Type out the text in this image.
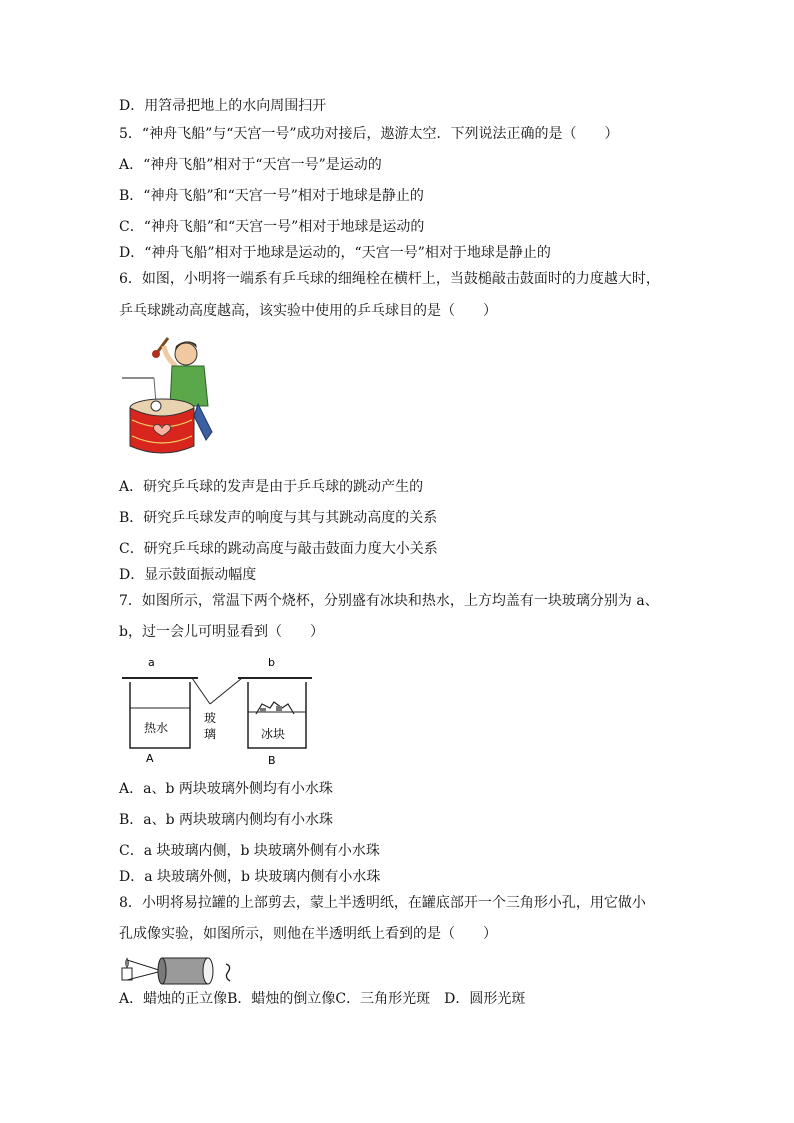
D．用笤帚把地上的水向周围扫开
5．“神舟飞船”与“天宫一号”成功对接后，遨游太空．下列说法正确的是（　　）
A．“神舟飞船”相对于“天宫一号”是运动的
B．“神舟飞船”和“天宫一号”相对于地球是静止的
C．“神舟飞船”和“天宫一号”相对于地球是运动的
D．“神舟飞船”相对于地球是运动的，“天宫一号”相对于地球是静止的
6．如图，小明将一端系有乒乓球的细绳栓在横杆上，当鼓槌敲击鼓面时的力度越大时，
乒乓球跳动高度越高，该实验中使用的乒乓球目的是（　　）
A．研究乒乓球的发声是由于乒乓球的跳动产生的
B．研究乒乓球发声的响度与其与其跳动高度的关系
C．研究乒乓球的跳动高度与敲击鼓面力度大小关系
D．显示鼓面振动幅度
7．如图所示，常温下两个烧杯，分别盛有冰块和热水，上方均盖有一块玻璃分别为 a、
b，过一会儿可明显看到（　　）
a	b
热水	冰块
玻
璃
A	B
A．a、b 两块玻璃外侧均有小水珠
B．a、b 两块玻璃内侧均有小水珠
C．a 块玻璃内侧，b 块玻璃外侧有小水珠
D．a 块玻璃外侧，b 块玻璃内侧有小水珠
8．小明将易拉罐的上部剪去，蒙上半透明纸，在罐底部开一个三角形小孔，用它做小
孔成像实验，如图所示，则他在半透明纸上看到的是（　　）
A．蜡烛的正立像B．蜡烛的倒立像C．三角形光斑　D．圆形光斑
